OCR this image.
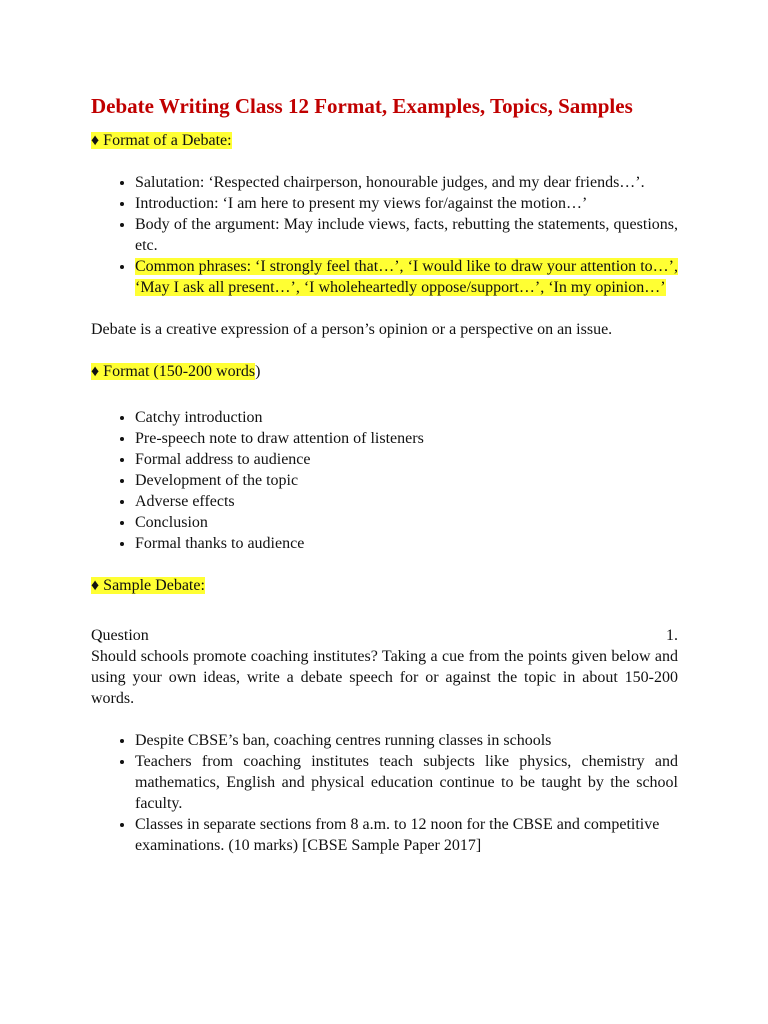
Debate Writing Class 12 Format, Examples, Topics, Samples

♦ Format of a Debate:

Salutation: ‘Respected chairperson, honourable judges, and my dear friends…’.
Introduction: ‘I am here to present my views for/against the motion…’
Body of the argument: May include views, facts, rebutting the statements, questions, etc.
Common phrases: ‘I strongly feel that…’, ‘I would like to draw your attention to…’, ‘May I ask all present…’, ‘I wholeheartedly oppose/support…’, ‘In my opinion…’

Debate is a creative expression of a person’s opinion or a perspective on an issue.

♦ Format (150-200 words)

Catchy introduction
Pre-speech note to draw attention of listeners
Formal address to audience
Development of the topic
Adverse effects
Conclusion
Formal thanks to audience

♦ Sample Debate:

Question	1.

Should schools promote coaching institutes? Taking a cue from the points given below and using your own ideas, write a debate speech for or against the topic in about 150-200 words.

Despite CBSE’s ban, coaching centres running classes in schools
Teachers from coaching institutes teach subjects like physics, chemistry and mathematics, English and physical education continue to be taught by the school faculty.
Classes in separate sections from 8 a.m. to 12 noon for the CBSE and competitive
examinations. (10 marks) [CBSE Sample Paper 2017]
